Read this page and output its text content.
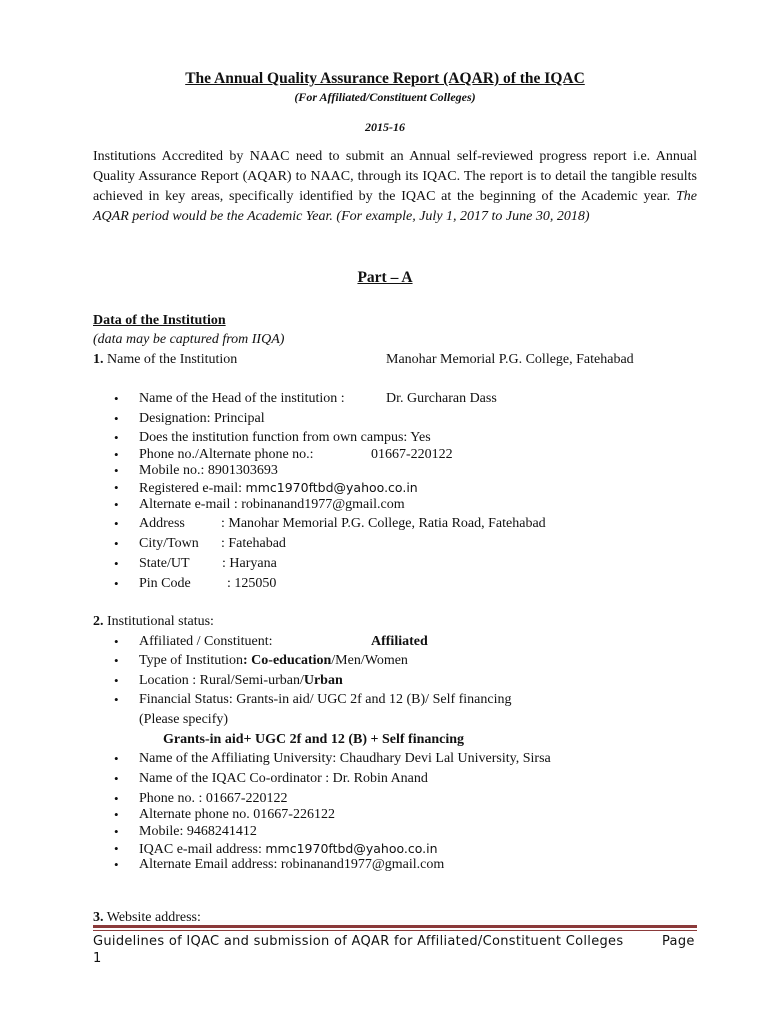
The Annual Quality Assurance Report (AQAR) of the IQAC
(For Affiliated/Constituent Colleges)
2015-16
Institutions Accredited by NAAC need to submit an Annual self-reviewed progress report i.e. Annual Quality Assurance Report (AQAR) to NAAC, through its IQAC. The report is to detail the tangible results achieved in key areas, specifically identified by the IQAC at the beginning of the Academic year. The AQAR period would be the Academic Year. (For example, July 1, 2017 to June 30, 2018)
Part – A
Data of the Institution
(data may be captured from IIQA)
1. Name of the Institution	Manohar Memorial P.G. College, Fatehabad
• Name of the Head of the institution :	Dr. Gurcharan Dass
• Designation: Principal
• Does the institution function from own campus: Yes
• Phone no./Alternate phone no.:	01667-220122
• Mobile no.: 8901303693
• Registered e-mail: mmc1970ftbd@yahoo.co.in
• Alternate e-mail : robinanand1977@gmail.com
• Address	: Manohar Memorial P.G. College, Ratia Road, Fatehabad
• City/Town : Fatehabad
• State/UT : Haryana
• Pin Code	: 125050
2. Institutional status:
• Affiliated / Constituent:	Affiliated
• Type of Institution: Co-education/Men/Women
• Location : Rural/Semi-urban/Urban
• Financial Status: Grants-in aid/ UGC 2f and 12 (B)/ Self financing
(Please specify)
Grants-in aid+ UGC 2f and 12 (B) + Self financing
• Name of the Affiliating University: Chaudhary Devi Lal University, Sirsa
• Name of the IQAC Co-ordinator : Dr. Robin Anand
• Phone no. : 01667-220122
• Alternate phone no. 01667-226122
• Mobile: 9468241412
• IQAC e-mail address: mmc1970ftbd@yahoo.co.in
• Alternate Email address: robinanand1977@gmail.com
3. Website address:
Guidelines of IQAC and submission of AQAR for Affiliated/Constituent Colleges	Page
1
